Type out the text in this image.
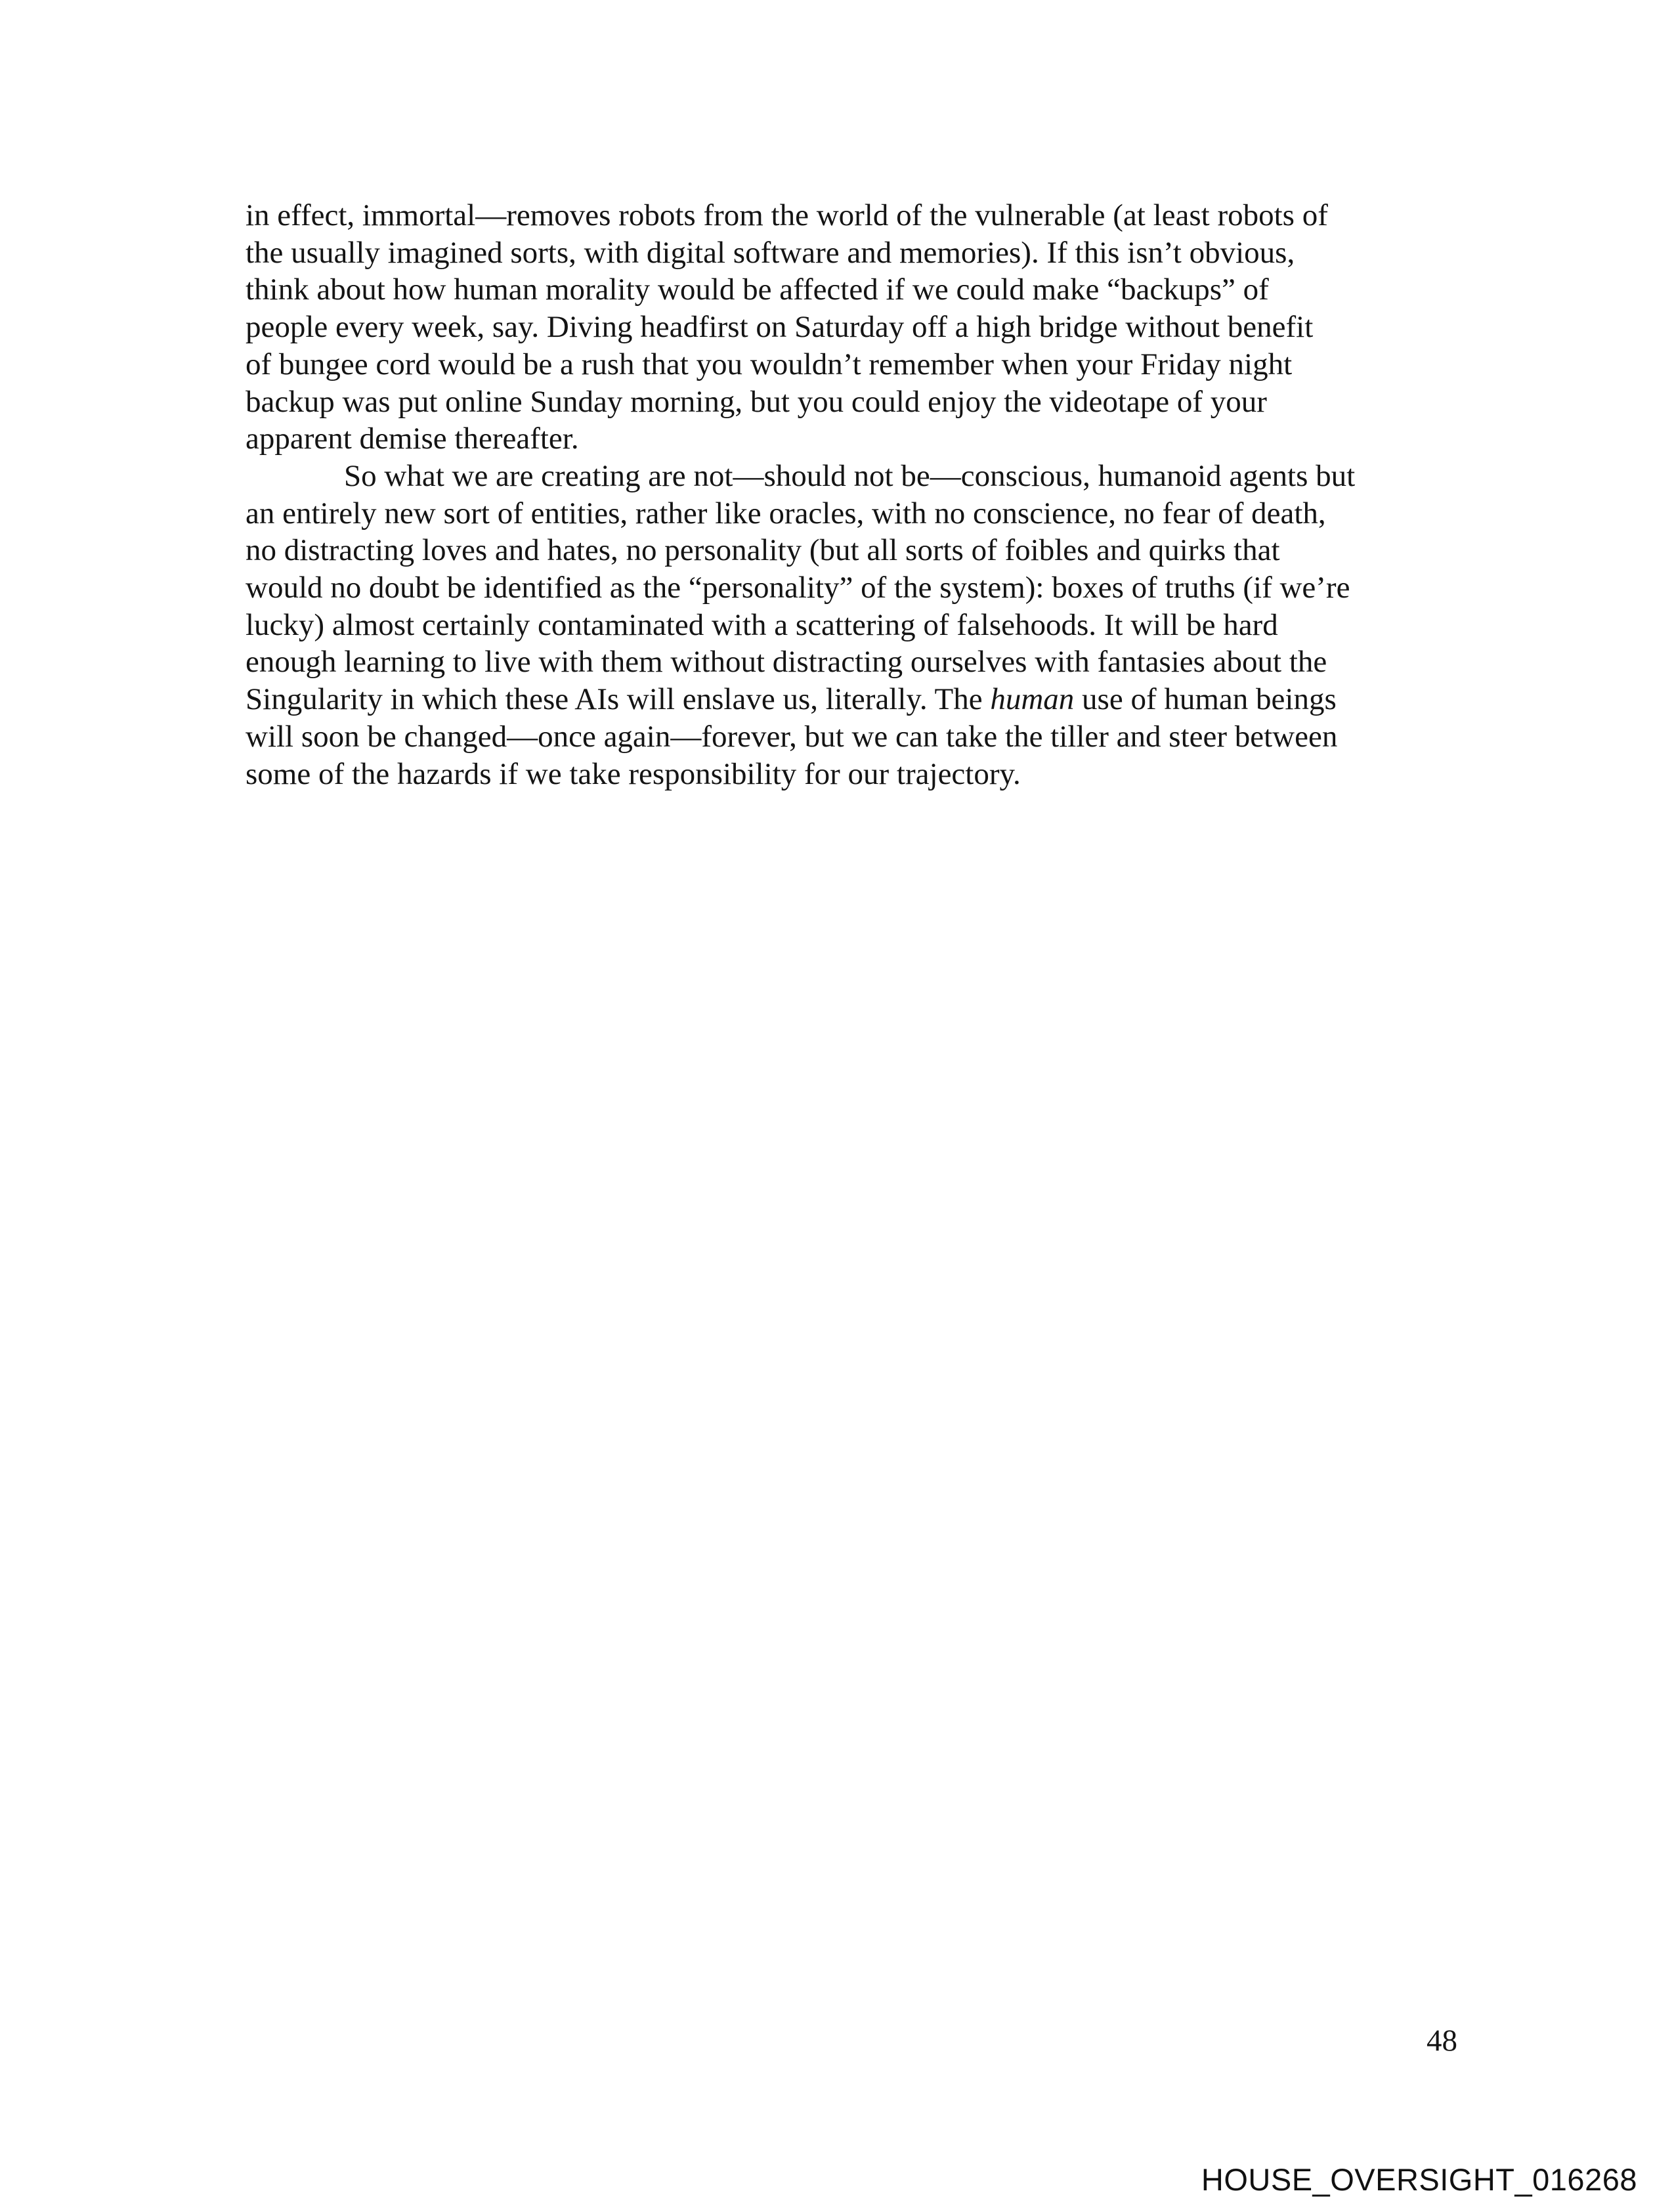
in effect, immortal—removes robots from the world of the vulnerable (at least robots of
the usually imagined sorts, with digital software and memories). If this isn’t obvious,
think about how human morality would be affected if we could make “backups” of
people every week, say. Diving headfirst on Saturday off a high bridge without benefit
of bungee cord would be a rush that you wouldn’t remember when your Friday night
backup was put online Sunday morning, but you could enjoy the videotape of your
apparent demise thereafter.
So what we are creating are not—should not be—conscious, humanoid agents but
an entirely new sort of entities, rather like oracles, with no conscience, no fear of death,
no distracting loves and hates, no personality (but all sorts of foibles and quirks that
would no doubt be identified as the “personality” of the system): boxes of truths (if we’re
lucky) almost certainly contaminated with a scattering of falsehoods. It will be hard
enough learning to live with them without distracting ourselves with fantasies about the
Singularity in which these AIs will enslave us, literally. The human use of human beings
will soon be changed—once again—forever, but we can take the tiller and steer between
some of the hazards if we take responsibility for our trajectory.
48
HOUSE_OVERSIGHT_016268
